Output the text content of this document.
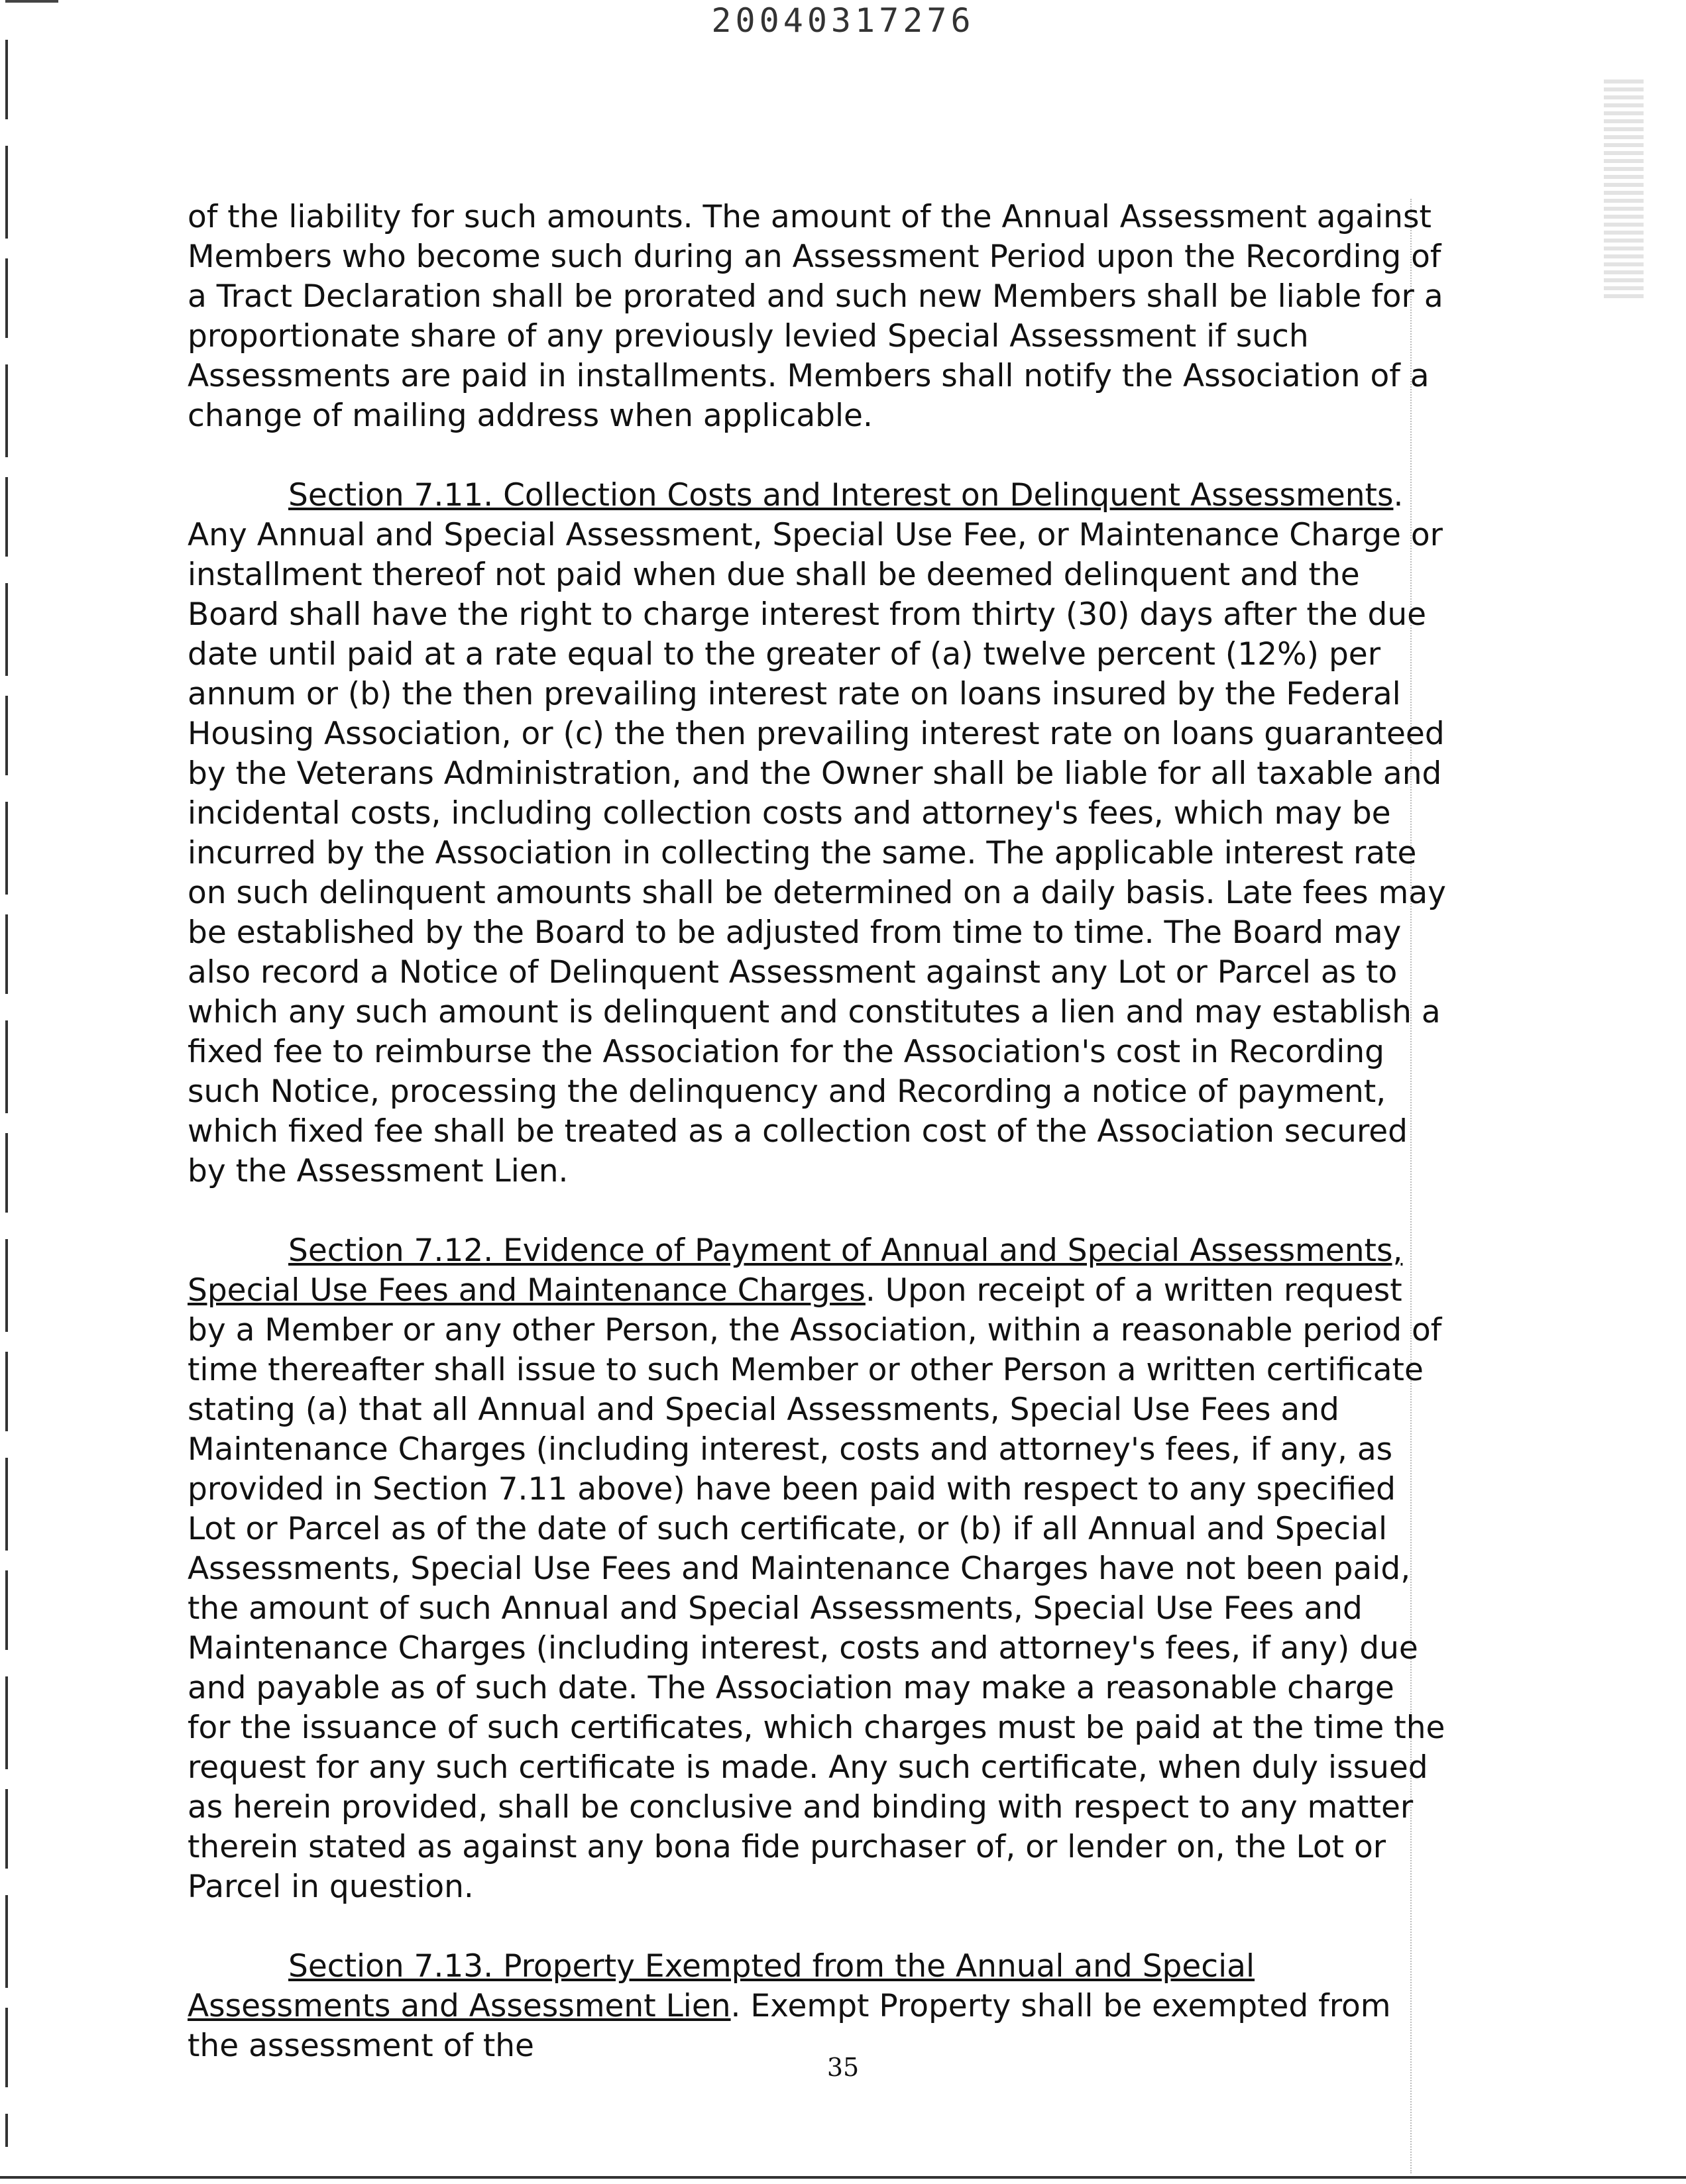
20040317276

of the liability for such amounts. The amount of the Annual Assessment against Members who become such during an Assessment Period upon the Recording of a Tract Declaration shall be prorated and such new Members shall be liable for a proportionate share of any previously levied Special Assessment if such Assessments are paid in installments. Members shall notify the Association of a change of mailing address when applicable.

Section 7.11. Collection Costs and Interest on Delinquent Assessments. Any Annual and Special Assessment, Special Use Fee, or Maintenance Charge or installment thereof not paid when due shall be deemed delinquent and the Board shall have the right to charge interest from thirty (30) days after the due date until paid at a rate equal to the greater of (a) twelve percent (12%) per annum or (b) the then prevailing interest rate on loans insured by the Federal Housing Association, or (c) the then prevailing interest rate on loans guaranteed by the Veterans Administration, and the Owner shall be liable for all taxable and incidental costs, including collection costs and attorney's fees, which may be incurred by the Association in collecting the same. The applicable interest rate on such delinquent amounts shall be determined on a daily basis. Late fees may be established by the Board to be adjusted from time to time. The Board may also record a Notice of Delinquent Assessment against any Lot or Parcel as to which any such amount is delinquent and constitutes a lien and may establish a fixed fee to reimburse the Association for the Association's cost in Recording such Notice, processing the delinquency and Recording a notice of payment, which fixed fee shall be treated as a collection cost of the Association secured by the Assessment Lien.

Section 7.12. Evidence of Payment of Annual and Special Assessments, Special Use Fees and Maintenance Charges. Upon receipt of a written request by a Member or any other Person, the Association, within a reasonable period of time thereafter shall issue to such Member or other Person a written certificate stating (a) that all Annual and Special Assessments, Special Use Fees and Maintenance Charges (including interest, costs and attorney's fees, if any, as provided in Section 7.11 above) have been paid with respect to any specified Lot or Parcel as of the date of such certificate, or (b) if all Annual and Special Assessments, Special Use Fees and Maintenance Charges have not been paid, the amount of such Annual and Special Assessments, Special Use Fees and Maintenance Charges (including interest, costs and attorney's fees, if any) due and payable as of such date. The Association may make a reasonable charge for the issuance of such certificates, which charges must be paid at the time the request for any such certificate is made. Any such certificate, when duly issued as herein provided, shall be conclusive and binding with respect to any matter therein stated as against any bona fide purchaser of, or lender on, the Lot or Parcel in question.

Section 7.13. Property Exempted from the Annual and Special Assessments and Assessment Lien. Exempt Property shall be exempted from the assessment of the

35
